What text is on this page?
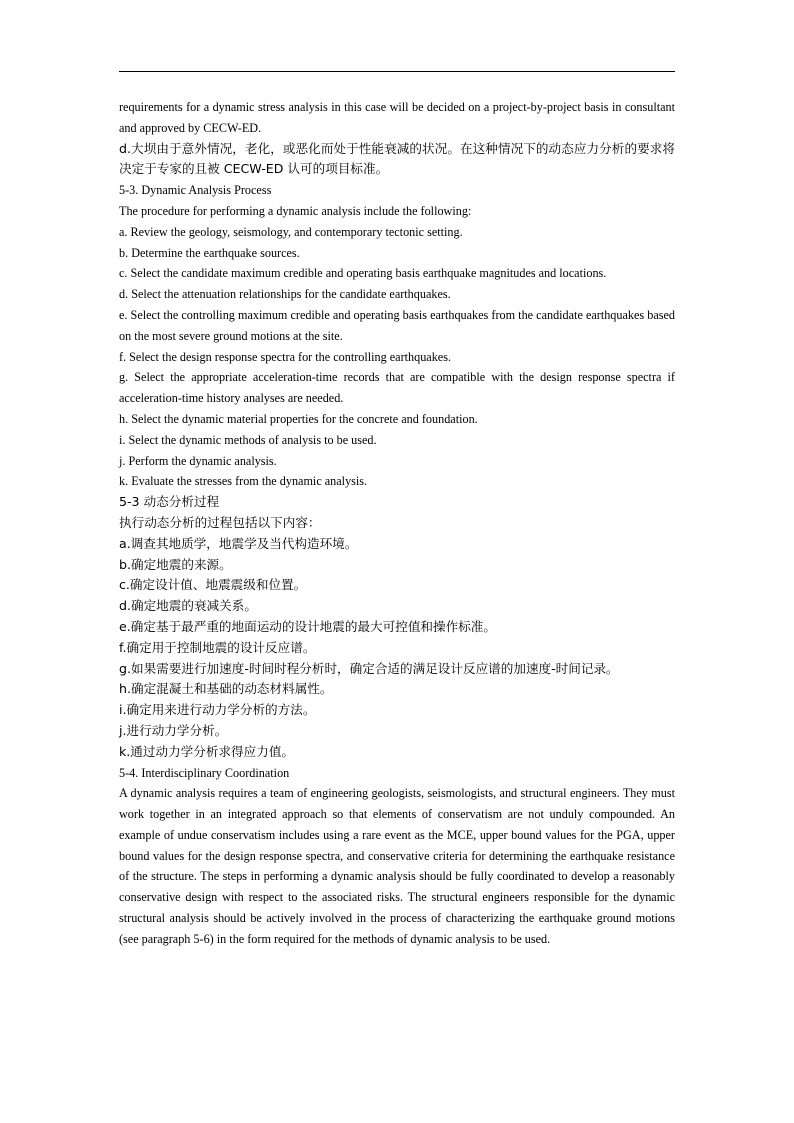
requirements for a dynamic stress analysis in this case will be decided on a project-by-project basis in consultant and approved by CECW-ED.

d.大坝由于意外情况，老化，或恶化而处于性能衰减的状况。在这种情况下的动态应力分析的要求将决定于专家的且被 CECW-ED 认可的项目标准。

5-3. Dynamic Analysis Process

The procedure for performing a dynamic analysis include the following:

a. Review the geology, seismology, and contemporary tectonic setting.

b. Determine the earthquake sources.

c. Select the candidate maximum credible and operating basis earthquake magnitudes and locations.

d. Select the attenuation relationships for the candidate earthquakes.

e. Select the controlling maximum credible and operating basis earthquakes from the candidate earthquakes based on the most severe ground motions at the site.

f. Select the design response spectra for the controlling earthquakes.

g. Select the appropriate acceleration-time records that are compatible with the design response spectra if acceleration-time history analyses are needed.

h. Select the dynamic material properties for the concrete and foundation.

i. Select the dynamic methods of analysis to be used.

j. Perform the dynamic analysis.

k. Evaluate the stresses from the dynamic analysis.

5-3 动态分析过程

执行动态分析的过程包括以下内容：

a.调查其地质学，地震学及当代构造环境。

b.确定地震的来源。

c.确定设计值、地震震级和位置。

d.确定地震的衰减关系。

e.确定基于最严重的地面运动的设计地震的最大可控值和操作标准。

f.确定用于控制地震的设计反应谱。

g.如果需要进行加速度-时间时程分析时，确定合适的满足设计反应谱的加速度-时间记录。

h.确定混凝土和基础的动态材料属性。

i.确定用来进行动力学分析的方法。

j.进行动力学分析。

k.通过动力学分析求得应力值。

5-4. Interdisciplinary Coordination

A dynamic analysis requires a team of engineering geologists, seismologists, and structural engineers. They must work together in an integrated approach so that elements of conservatism are not unduly compounded. An example of undue conservatism includes using a rare event as the MCE, upper bound values for the PGA, upper bound values for the design response spectra, and conservative criteria for determining the earthquake resistance of the structure. The steps in performing a dynamic analysis should be fully coordinated to develop a reasonably conservative design with respect to the associated risks. The structural engineers responsible for the dynamic structural analysis should be actively involved in the process of characterizing the earthquake ground motions (see paragraph 5-6) in the form required for the methods of dynamic analysis to be used.
